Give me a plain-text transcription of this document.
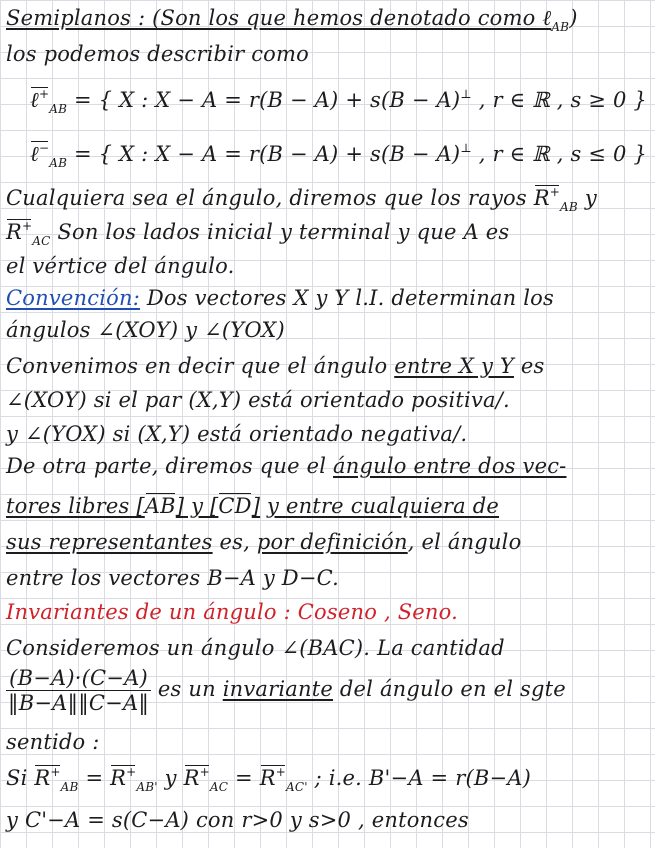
Semiplanos : (Son los que hemos denotado como ℓ$_{AB}$)
los podemos describir como
ℓ+$_{AB}$ = { X : X − A = r(B − A) + s(B − A)⊥ , r ∈ ℝ , s ≥ 0 }
ℓ−$_{AB}$ = { X : X − A = r(B − A) + s(B − A)⊥ , r ∈ ℝ , s ≤ 0 }
Cualquiera sea el ángulo, diremos que los rayos $R^+_{AB}$ y
$R^+_{AC}$ Son los lados inicial y terminal y que A es
el vértice del ángulo.
Convención: Dos vectores X y Y l.I. determinan los
ángulos ∠(XOY) y ∠(YOX)
Convenimos en decir que el ángulo entre X y Y es
∠(XOY) si el par (X,Y) está orientado positiva/.
y ∠(YOX) si (X,Y) está orientado negativa/.
De otra parte, diremos que el ángulo entre dos vec-
tores libres [AB] y [CD] y entre cualquiera de
sus representantes es, por definición, el ángulo
entre los vectores B−A y D−C.
Invariantes de un ángulo : Coseno , Seno.
Consideremos un ángulo ∠(BAC). La cantidad
$\frac{(B-A)\cdot(C-A)}{‖B-A‖‖C-A‖}$ es un invariante del ángulo en el sgte
sentido :
Si $R^+_{AB} = R^+_{AB'}$ y $R^+_{AC} = R^+_{AC'}$ ; i.e. B'−A = r(B−A)
y C'−A = s(C−A) con r>0 y s>0 , entonces
